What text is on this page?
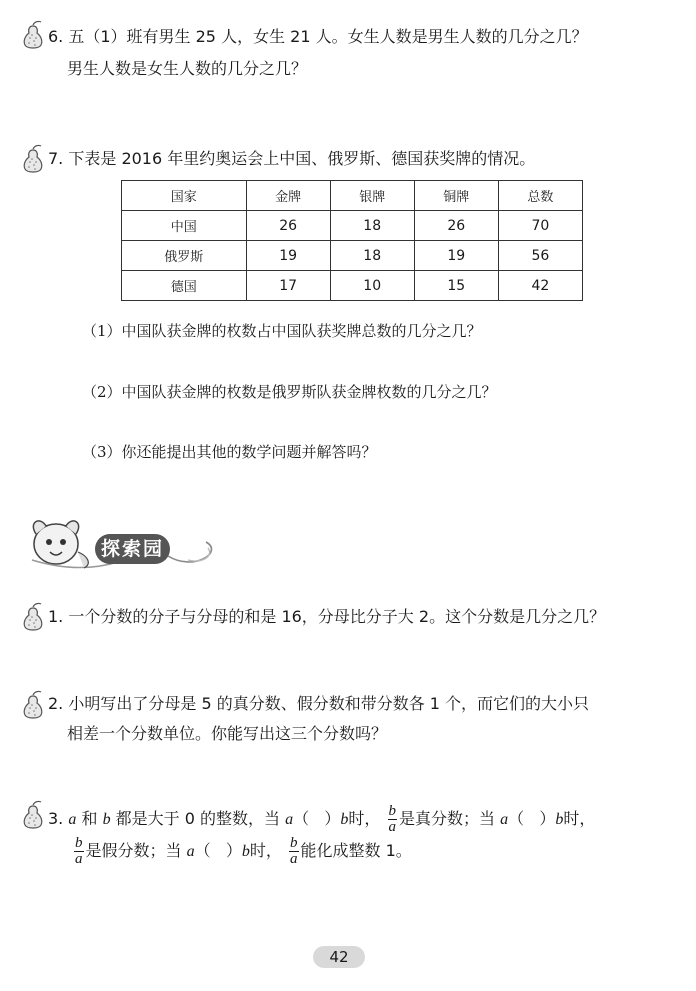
6. 五（1）班有男生 25 人，女生 21 人。女生人数是男生人数的几分之几？
男生人数是女生人数的几分之几？
7. 下表是 2016 年里约奥运会上中国、俄罗斯、德国获奖牌的情况。
国家	金牌	银牌	铜牌	总数
中国	26	18	26	70
俄罗斯	19	18	19	56
德国	17	10	15	42
（1）中国队获金牌的枚数占中国队获奖牌总数的几分之几？
（2）中国队获金牌的枚数是俄罗斯队获金牌枚数的几分之几？
（3）你还能提出其他的数学问题并解答吗？
探索园
1. 一个分数的分子与分母的和是 16，分母比分子大 2。这个分数是几分之几？
2. 小明写出了分母是 5 的真分数、假分数和带分数各 1 个，而它们的大小只
相差一个分数单位。你能写出这三个分数吗？
3. a 和 b 都是大于 0 的整数，当 a（ ）b时， $\frac{b}{a}$ 是真分数；当 a（ ）b时，
$\frac{b}{a}$ 是假分数；当 a（ ）b时， $\frac{b}{a}$ 能化成整数 1。
42
